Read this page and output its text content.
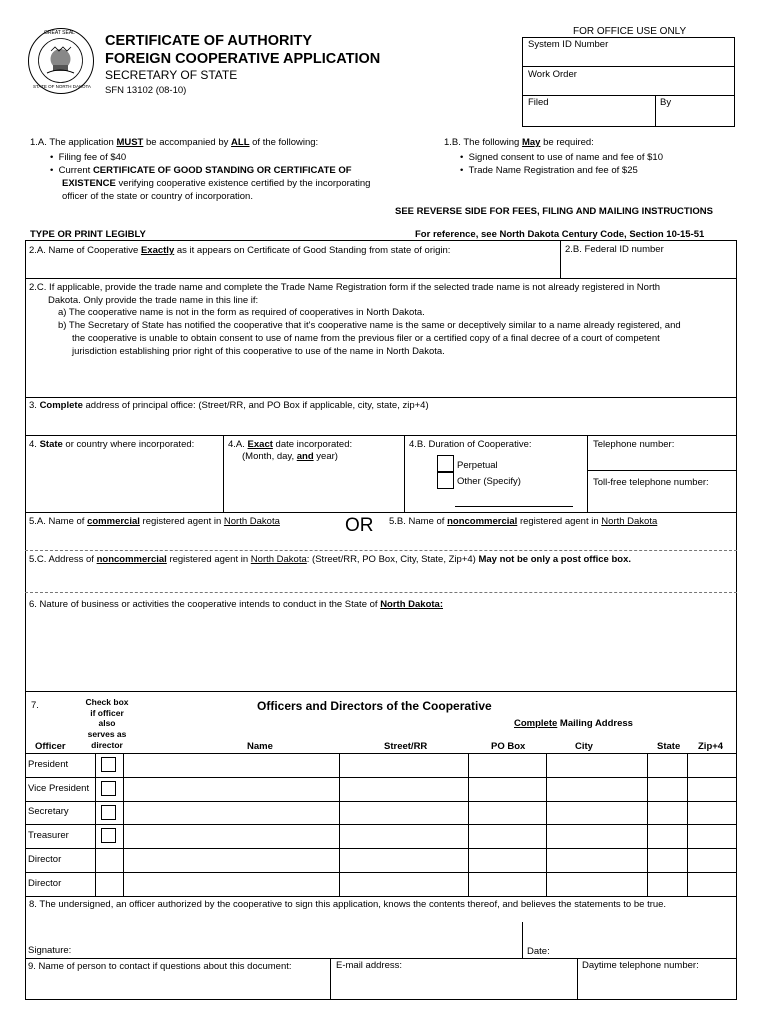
GREAT SEAL
STATE OF NORTH DAKOTA
CERTIFICATE OF AUTHORITY
FOREIGN COOPERATIVE APPLICATION
SECRETARY OF STATE
SFN 13102 (08-10)
FOR OFFICE USE ONLY
System ID Number
Work Order
Filed	By
1.A. The application MUST be accompanied by ALL of the following:
•  Filing fee of $40
•  Current CERTIFICATE OF GOOD STANDING OR CERTIFICATE OF
EXISTENCE verifying cooperative existence certified by the incorporating
officer of the state or country of incorporation.
1.B. The following May be required:
•  Signed consent to use of name and fee of $10
•  Trade Name Registration and fee of $25
SEE REVERSE SIDE FOR FEES, FILING AND MAILING INSTRUCTIONS
TYPE OR PRINT LEGIBLY	For reference, see North Dakota Century Code, Section 10-15-51
2.A. Name of Cooperative Exactly as it appears on Certificate of Good Standing from state of origin:	2.B. Federal ID number
2.C. If applicable, provide the trade name and complete the Trade Name Registration form if the selected trade name is not already registered in North
Dakota. Only provide the trade name in this line if:
a) The cooperative name is not in the form as required of cooperatives in North Dakota.
b) The Secretary of State has notified the cooperative that it's cooperative name is the same or deceptively similar to a name already registered, and
the cooperative is unable to obtain consent to use of name from the previous filer or a certified copy of a final decree of a court of competent
jurisdiction establishing prior right of this cooperative to use of the name in North Dakota.
3. Complete address of principal office: (Street/RR, and PO Box if applicable, city, state, zip+4)
4. State or country where incorporated:	4.A. Exact date incorporated:
(Month, day, and year)
4.B. Duration of Cooperative:
Perpetual
Other (Specify)
Telephone number:
Toll-free telephone number:
5.A. Name of commercial registered agent in North Dakota	OR 5.B. Name of noncommercial registered agent in North Dakota
5.C. Address of noncommercial registered agent in North Dakota: (Street/RR, PO Box, City, State, Zip+4) May not be only a post office box.
6. Nature of business or activities the cooperative intends to conduct in the State of North Dakota:
7.	Check box
if officer
also
serves as
director
Officers and Directors of the Cooperative
Complete Mailing Address
Officer	Name	Street/RR	PO Box	City	State Zip+4
President
Vice President
Secretary
Treasurer
Director
Director
8. The undersigned, an officer authorized by the cooperative to sign this application, knows the contents thereof, and believes the statements to be true.
Signature:	Date:
9. Name of person to contact if questions about this document:	E-mail address:	Daytime telephone number:
